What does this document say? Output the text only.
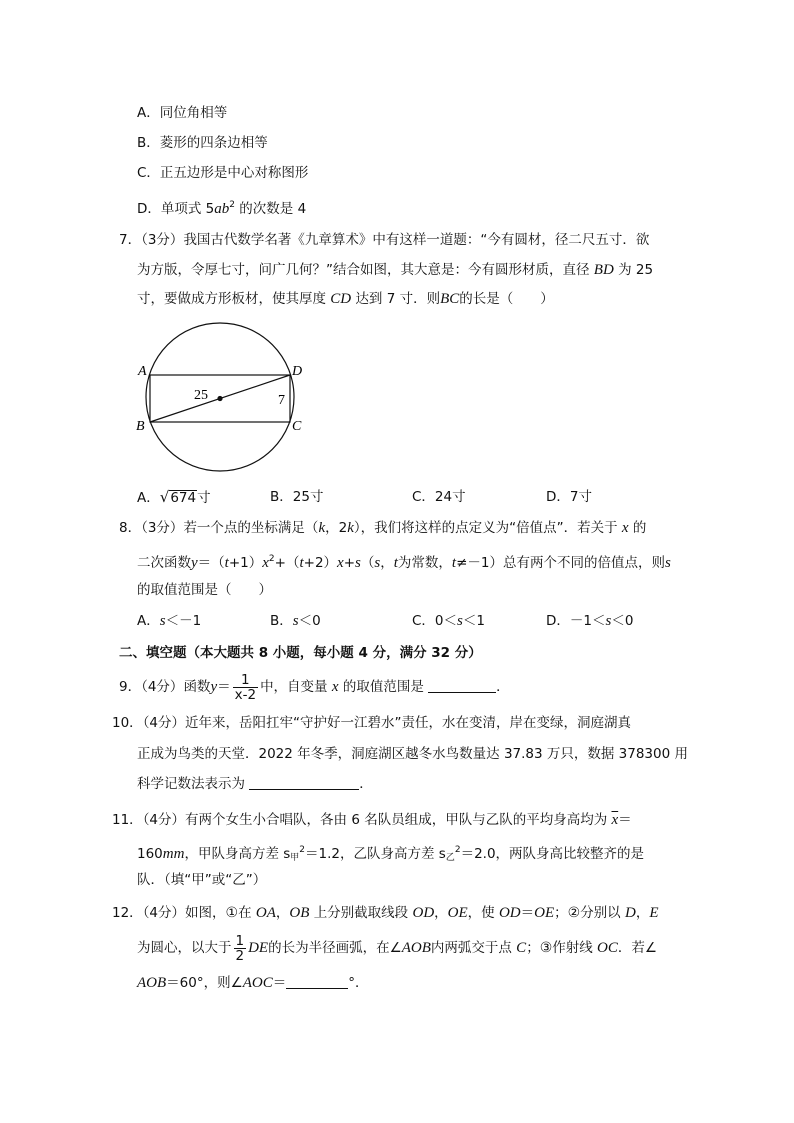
A．同位角相等
B．菱形的四条边相等
C．正五边形是中心对称图形
D．单项式 $5ab^2$ 的次数是 4
7．（3分）我国古代数学名著《九章算术》中有这样一道题：“今有圆材，径二尺五寸．欲
为方版，令厚七寸，问广几何？”结合如图，其大意是：今有圆形材质，直径 BD 为 25
寸，要做成方形板材，使其厚度 CD 达到 7 寸．则BC的长是（　　）
A
B	C
D
25	7
A．√674寸	B．25寸	C．24寸	D．7寸
8．（3分）若一个点的坐标满足（k，2k），我们将这样的点定义为“倍值点”．若关于 x 的
二次函数$y=(t+1)x^2+(t+2)x+s(s$，t为常数，t≠－1）总有两个不同的倍值点，则s
的取值范围是（　　）
A．s＜－1	B．s＜0	C．0＜s＜1	D．－1＜s＜0
二、填空题（本大题共 8 小题，每小题 4 分，满分 32 分）
9．（4分）函数$y= \frac{1}{x-2}$ 中，自变量 x 的取值范围是	．
10．（4分）近年来，岳阳扛牢“守护好一江碧水”责任，水在变清，岸在变绿，洞庭湖真
正成为鸟类的天堂．2022 年冬季，洞庭湖区越冬水鸟数量达 37.83 万只，数据 378300 用
科学记数法表示为	．
11．（4分）有两个女生小合唱队，各由 6 名队员组成，甲队与乙队的平均身高均为 $\overline{x}=$
160mm，甲队身高方差 $s_甲^2=1.2$，乙队身高方差 $s_乙^2=2.0$，两队身高比较整齐的是
队．（填“甲”或“乙”）
12．（4分）如图，①在 OA，OB 上分别截取线段 OD，OE，使 OD＝OE；②分别以 D，E
为圆心，以大于 $\frac{1}{2}$ DE的长为半径画弧，在∠AOB内两弧交于点 C；③作射线 OC．若∠
AOB＝60°，则∠AOC＝	°．
